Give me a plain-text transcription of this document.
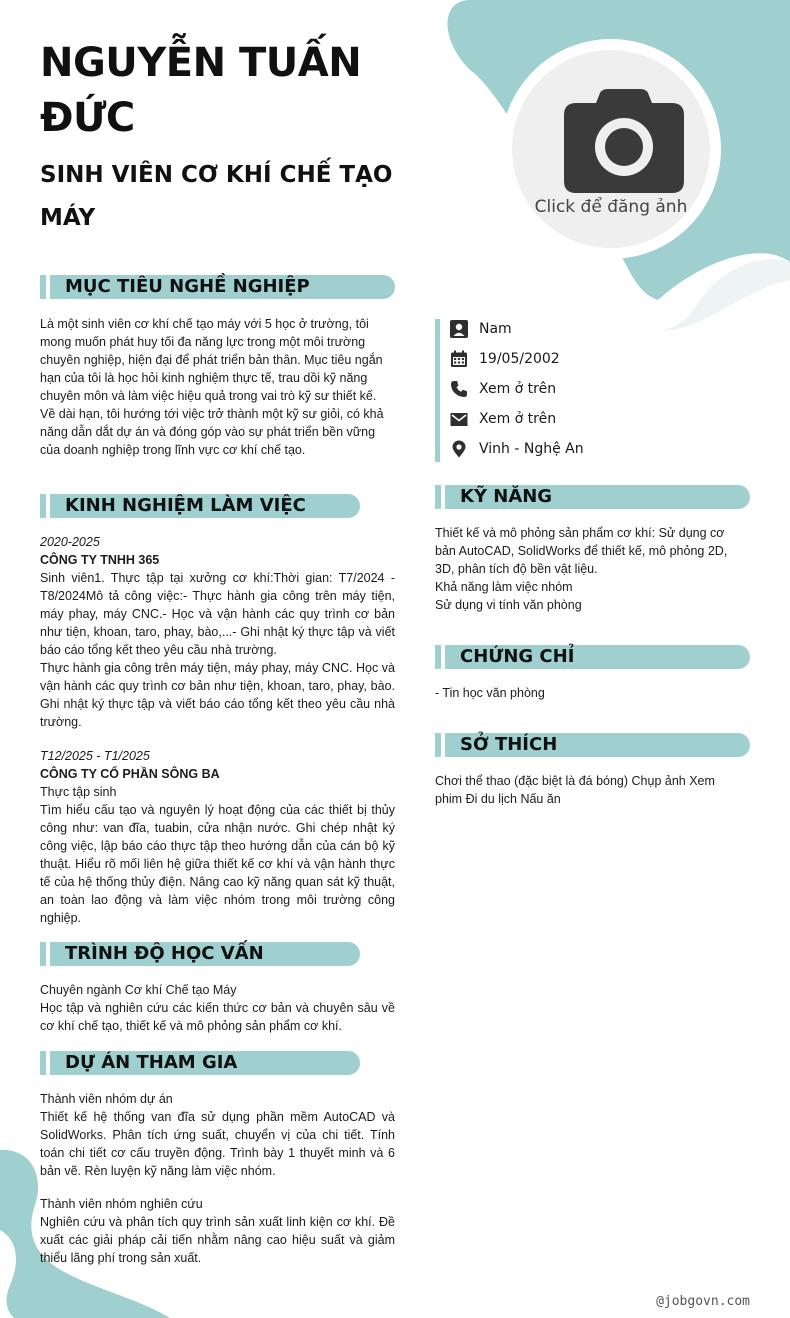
NGUYỄN TUẤN ĐỨC
SINH VIÊN CƠ KHÍ CHẾ TẠO MÁY	Click để đăng ảnh
Nam
19/05/2002
Xem ở trên
Xem ở trên
Vinh - Nghệ An
MỤC TIÊU NGHỀ NGHIỆP

Là một sinh viên cơ khí chế tạo máy với 5 học ở trường, tôi mong muốn phát huy tối đa năng lực trong một môi trường chuyên nghiệp, hiện đại để phát triển bản thân. Mục tiêu ngắn hạn của tôi là học hỏi kinh nghiệm thực tế, trau dồi kỹ năng chuyên môn và làm việc hiệu quả trong vai trò kỹ sư thiết kế. Về dài hạn, tôi hướng tới việc trở thành một kỹ sư giỏi, có khả năng dẫn dắt dự án và đóng góp vào sự phát triển bền vững của doanh nghiệp trong lĩnh vực cơ khí chế tạo.

KINH NGHIỆM LÀM VIỆC
2020-2025
CÔNG TY TNHH 365
Sinh viên1. Thực tập tại xưởng cơ khí:Thời gian: T7/2024 - T8/2024Mô tả công việc:- Thực hành gia công trên máy tiện, máy phay, máy CNC.- Học và vận hành các quy trình cơ bản như tiện, khoan, taro, phay, bào,...- Ghi nhật ký thực tập và viết báo cáo tổng kết theo yêu cầu nhà trường.
Thực hành gia công trên máy tiện, máy phay, máy CNC. Học và vận hành các quy trình cơ bản như tiện, khoan, taro, phay, bào. Ghi nhật ký thực tập và viết báo cáo tổng kết theo yêu cầu nhà trường.
T12/2025 - T1/2025
CÔNG TY CỔ PHẦN SÔNG BA
Thực tập sinh
Tìm hiểu cấu tạo và nguyên lý hoạt động của các thiết bị thủy công như: van đĩa, tuabin, cửa nhận nước. Ghi chép nhật ký công việc, lập báo cáo thực tập theo hướng dẫn của cán bộ kỹ thuật. Hiểu rõ mối liên hệ giữa thiết kế cơ khí và vận hành thực tế của hệ thống thủy điện. Nâng cao kỹ năng quan sát kỹ thuật, an toàn lao động và làm việc nhóm trong môi trường công nghiệp.
TRÌNH ĐỘ HỌC VẤN
Chuyên ngành Cơ khí Chế tạo Máy
Học tập và nghiên cứu các kiến thức cơ bản và chuyên sâu về cơ khí chế tạo, thiết kế và mô phỏng sản phẩm cơ khí.
DỰ ÁN THAM GIA
Thành viên nhóm dự án
Thiết kế hệ thống van đĩa sử dụng phần mềm AutoCAD và SolidWorks. Phân tích ứng suất, chuyển vị của chi tiết. Tính toán chi tiết cơ cấu truyền động. Trình bày 1 thuyết minh và 6 bản vẽ. Rèn luyện kỹ năng làm việc nhóm.
Thành viên nhóm nghiên cứu
Nghiên cứu và phân tích quy trình sản xuất linh kiện cơ khí. Đề xuất các giải pháp cải tiến nhằm nâng cao hiệu suất và giảm thiểu lãng phí trong sản xuất.
KỸ NĂNG
Thiết kế và mô phỏng sản phẩm cơ khí: Sử dụng cơ bản AutoCAD, SolidWorks để thiết kế, mô phỏng 2D, 3D, phân tích độ bền vật liệu.
Khả năng làm việc nhóm
Sử dụng vi tính văn phòng
CHỨNG CHỈ

- Tin học văn phòng

SỞ THÍCH

Chơi thể thao (đặc biệt là đá bóng) Chụp ảnh Xem phim Đi du lịch Nấu ăn

@jobgovn.com
